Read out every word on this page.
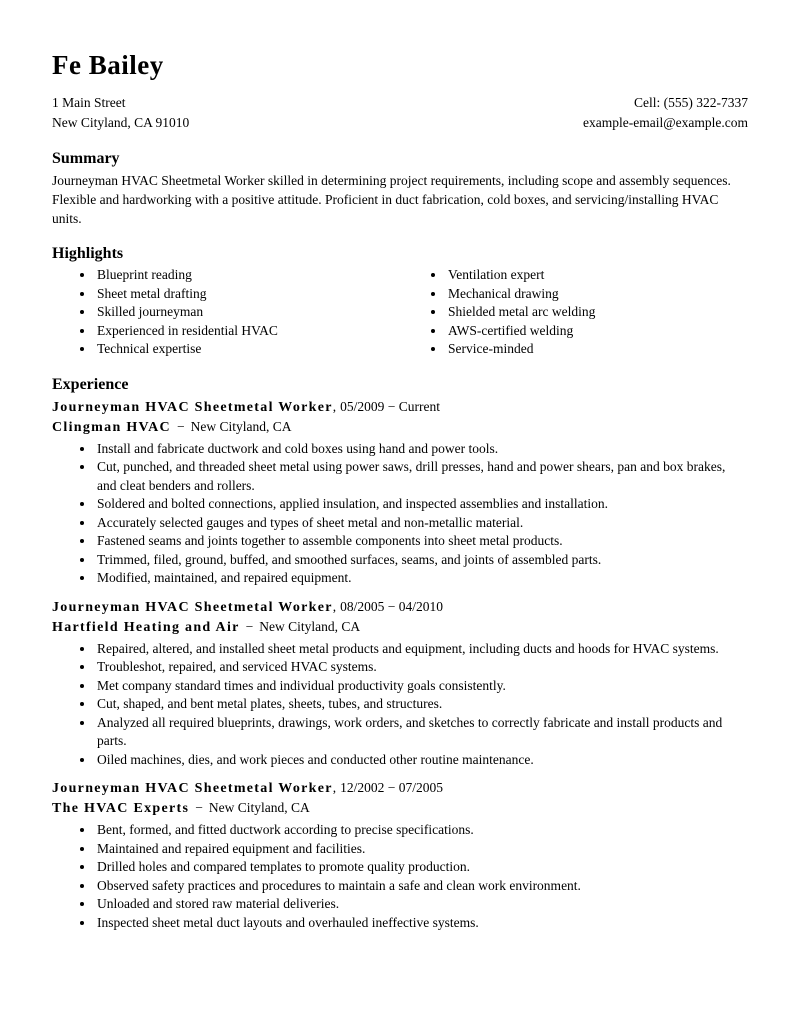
Fe Bailey
1 Main Street
New Cityland, CA 91010
Cell: (555) 322-7337
example-email@example.com
Summary

Journeyman HVAC Sheetmetal Worker skilled in determining project requirements, including scope and assembly sequences. Flexible and hardworking with a positive attitude. Proficient in duct fabrication, cold boxes, and servicing/installing HVAC units.

Highlights
• Blueprint reading
• Sheet metal drafting
• Skilled journeyman
• Experienced in residential HVAC
• Technical expertise
• Ventilation expert
• Mechanical drawing
• Shielded metal arc welding
• AWS-certified welding
• Service-minded
Experience
Journeyman HVAC Sheetmetal Worker, 05/2009 − Current
Clingman HVAC − New Cityland, CA
• Install and fabricate ductwork and cold boxes using hand and power tools.
• Cut, punched, and threaded sheet metal using power saws, drill presses, hand and power shears, pan and box brakes, and cleat benders and rollers.
• Soldered and bolted connections, applied insulation, and inspected assemblies and installation.
• Accurately selected gauges and types of sheet metal and non-metallic material.
• Fastened seams and joints together to assemble components into sheet metal products.
• Trimmed, filed, ground, buffed, and smoothed surfaces, seams, and joints of assembled parts.
• Modified, maintained, and repaired equipment.
Journeyman HVAC Sheetmetal Worker, 08/2005 − 04/2010
Hartfield Heating and Air − New Cityland, CA
• Repaired, altered, and installed sheet metal products and equipment, including ducts and hoods for HVAC systems.
• Troubleshot, repaired, and serviced HVAC systems.
• Met company standard times and individual productivity goals consistently.
• Cut, shaped, and bent metal plates, sheets, tubes, and structures.
• Analyzed all required blueprints, drawings, work orders, and sketches to correctly fabricate and install products and parts.
• Oiled machines, dies, and work pieces and conducted other routine maintenance.
Journeyman HVAC Sheetmetal Worker, 12/2002 − 07/2005
The HVAC Experts − New Cityland, CA
• Bent, formed, and fitted ductwork according to precise specifications.
• Maintained and repaired equipment and facilities.
• Drilled holes and compared templates to promote quality production.
• Observed safety practices and procedures to maintain a safe and clean work environment.
• Unloaded and stored raw material deliveries.
• Inspected sheet metal duct layouts and overhauled ineffective systems.
